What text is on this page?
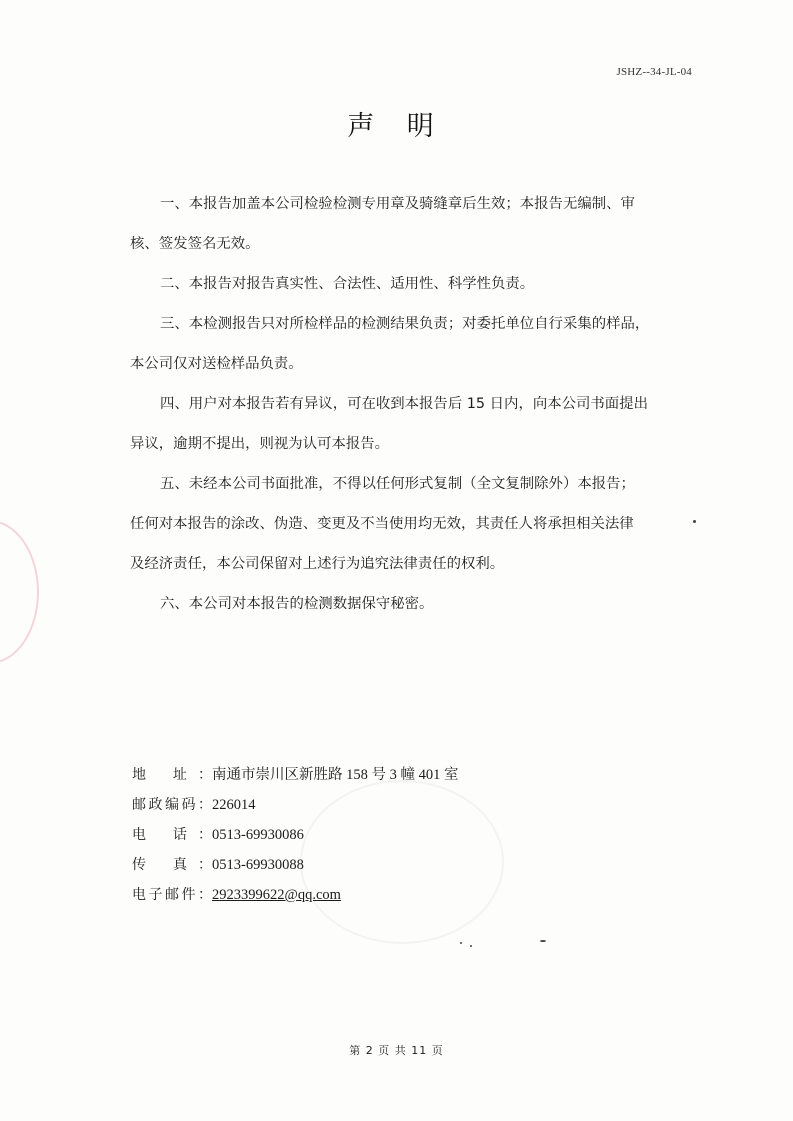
JSHZ--34-JL-04
声 明

一、本报告加盖本公司检验检测专用章及骑缝章后生效；本报告无编制、审
核、签发签名无效。

二、本报告对报告真实性、合法性、适用性、科学性负责。

三、本检测报告只对所检样品的检测结果负责；对委托单位自行采集的样品，
本公司仅对送检样品负责。

四、用户对本报告若有异议，可在收到本报告后 15 日内，向本公司书面提出
异议，逾期不提出，则视为认可本报告。

五、未经本公司书面批准，不得以任何形式复制（全文复制除外）本报告；
任何对本报告的涂改、伪造、变更及不当使用均无效，其责任人将承担相关法律
及经济责任，本公司保留对上述行为追究法律责任的权利。

六、本公司对本报告的检测数据保守秘密。

地 址：南通市崇川区新胜路 158 号 3 幢 401 室
邮政编码：226014
电 话：0513-69930086
传 真：0513-69930088
电子邮件：2923399622@qq.com
第 2 页 共 11 页
